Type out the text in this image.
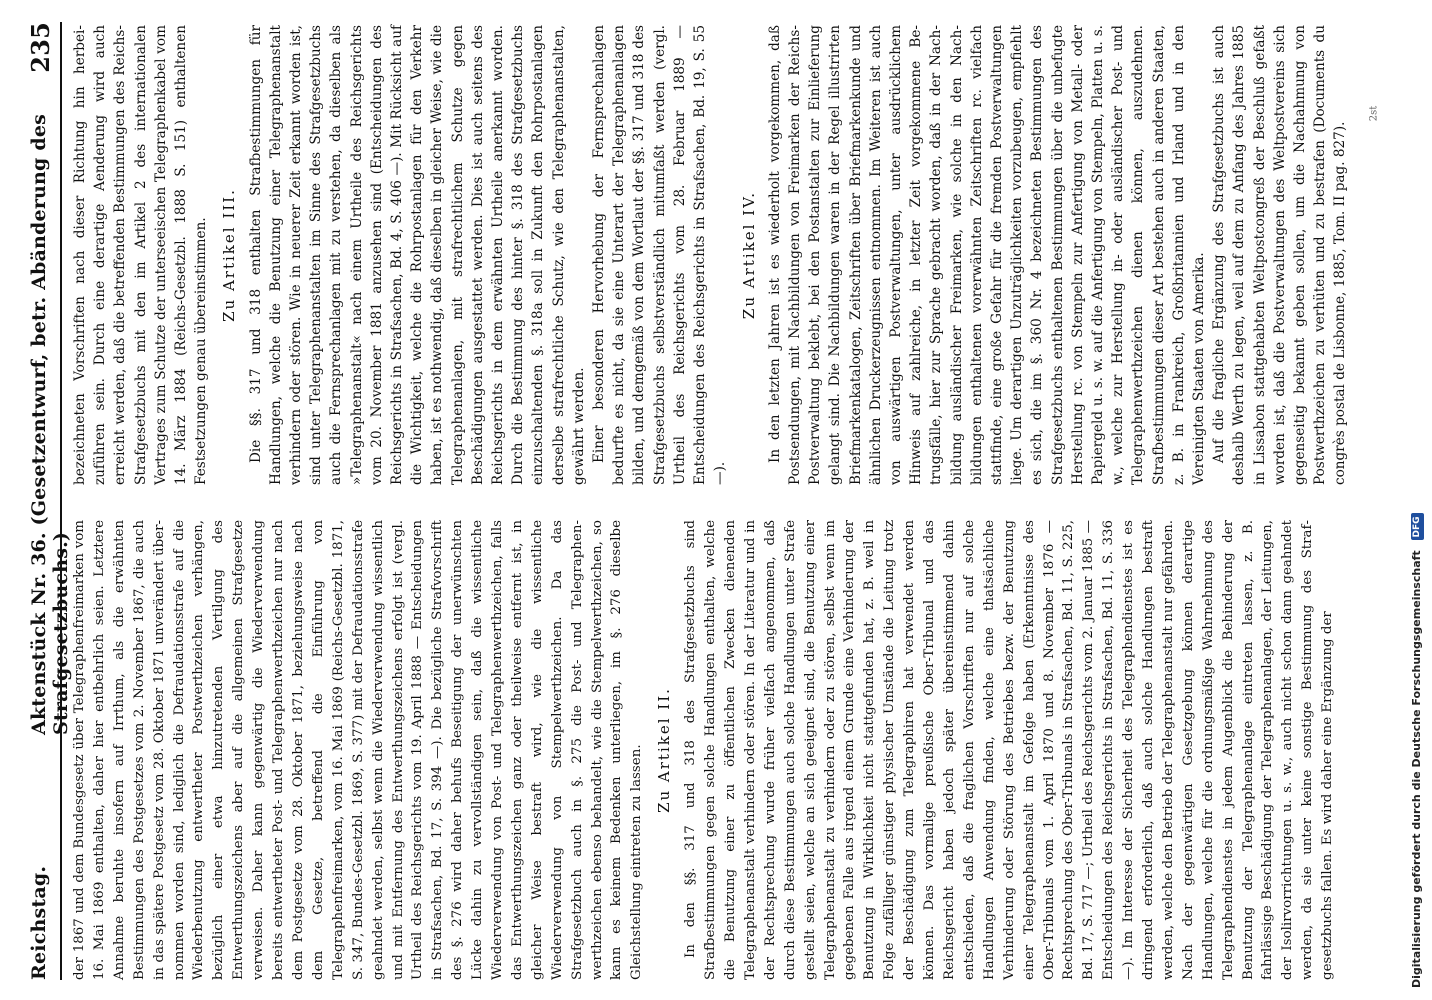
Reichstag.
Aktenstück Nr. 36. (Gesetzentwurf, betr. Abänderung des Strafgesetzbuchs.)
235

der 1867 und dem Bundesgesetz über Telegraphenfreimarken vom 16. Mai 1869 enthalten, daher hier entbehrlich seien. Letztere Annahme beruhte insofern auf Irrthum, als die erwähnten Bestimmungen des Postgesetzes vom 2. November 1867, die auch in das spätere Postgesetz vom 28. Oktober 1871 unverändert übernommen worden sind, lediglich die Defraudationsstrafe auf die Wiederbenutzung entwertheter Postwerthzeichen verhängen, bezüglich einer etwa hinzutretenden Vertilgung des Entwerthungszeichens aber auf die allgemeinen Strafgesetze verweisen. Daher kann gegenwärtig die Wiederverwendung bereits entwertheter Post- und Telegraphenwerthzeichen nur nach dem Postgesetze vom 28. Oktober 1871, beziehungsweise nach dem Gesetze, betreffend die Einführung von Telegraphenfreimarken, vom 16. Mai 1869 (Reichs-Gesetzbl. 1871, S. 347, Bundes-Gesetzbl. 1869, S. 377) mit der Defraudationsstrafe geahndet werden, selbst wenn die Wiederverwendung wissentlich und mit Entfernung des Entwerthungszeichens erfolgt ist (vergl. Urtheil des Reichsgerichts vom 19. April 1888 — Entscheidungen in Strafsachen, Bd. 17, S. 394 —). Die bezügliche Strafvorschrift des §. 276 wird daher behufs Beseitigung der unerwünschten Lücke dahin zu vervollständigen sein, daß die wissentliche Wiederverwendung von Post- und Telegraphenwerthzeichen, falls das Entwerthungszeichen ganz oder theilweise entfernt ist, in gleicher Weise bestraft wird, wie die wissentliche Wiederverwendung von Stempelwerthzeichen. Da das Strafgesetzbuch auch in §. 275 die Post- und Telegraphenwerthzeichen ebenso behandelt, wie die Stempelwerthzeichen, so kann es keinem Bedenken unterliegen, im §. 276 dieselbe Gleichstellung eintreten zu lassen. Zu Artikel II. In den §§. 317 und 318 des Strafgesetzbuchs sind Strafbestimmungen gegen solche Handlungen enthalten, welche die Benutzung einer zu öffentlichen Zwecken dienenden Telegraphenanstalt verhindern oder stören. In der Literatur und in der Rechtsprechung wurde früher vielfach angenommen, daß durch diese Bestimmungen auch solche Handlungen unter Strafe gestellt seien, welche an sich geeignet sind, die Benutzung einer Telegraphenanstalt zu verhindern oder zu stören, selbst wenn im gegebenen Falle aus irgend einem Grunde eine Verhinderung der Benutzung in Wirklichkeit nicht stattgefunden hat, z. B. weil in Folge zufälliger günstiger physischer Umstände die Leitung trotz der Beschädigung zum Telegraphiren hat verwendet werden können. Das vormalige preußische Ober-Tribunal und das Reichsgericht haben jedoch später übereinstimmend dahin entschieden, daß die fraglichen Vorschriften nur auf solche Handlungen Anwendung finden, welche eine thatsächliche Verhinderung oder Störung des Betriebes bezw. der Benutzung einer Telegraphenanstalt im Gefolge haben (Erkenntnisse des Ober-Tribunals vom 1. April 1870 und 8. November 1876 — Rechtsprechung des Ober-Tribunals in Strafsachen, Bd. 11, S. 225, Bd. 17, S. 717 —; Urtheil des Reichsgerichts vom 2. Januar 1885 — Entscheidungen des Reichsgerichts in Strafsachen, Bd. 11, S. 336 —). Im Interesse der Sicherheit des Telegraphendienstes ist es dringend erforderlich, daß auch solche Handlungen bestraft werden, welche den Betrieb der Telegraphenanstalt nur gefährden. Nach der gegenwärtigen Gesetzgebung können derartige Handlungen, welche für die ordnungsmäßige Wahrnehmung des Telegraphendienstes in jedem Augenblick die Behinderung der Benutzung der Telegraphenanlage eintreten lassen, z. B. fahrlässige Beschädigung der Telegraphenanlagen, der Leitungen, der Isolirvorrichtungen u. s. w., auch nicht schon dann geahndet werden, da sie unter keine sonstige Bestimmung des Strafgesetzbuchs fallen. Es wird daher eine Ergänzung der

bezeichneten Vorschriften nach dieser Richtung hin herbeizuführen sein. Durch eine derartige Aenderung wird auch erreicht werden, daß die betreffenden Bestimmungen des Reichs-Strafgesetzbuchs mit den im Artikel 2 des internationalen Vertrages zum Schutze der unterseeischen Telegraphenkabel vom 14. März 1884 (Reichs-Gesetzbl. 1888 S. 151) enthaltenen Festsetzungen genau übereinstimmen. Zu Artikel III. Die §§. 317 und 318 enthalten Strafbestimmungen für Handlungen, welche die Benutzung einer Telegraphenanstalt verhindern oder stören. Wie in neuerer Zeit erkannt worden ist, sind unter Telegraphenanstalten im Sinne des Strafgesetzbuchs auch die Fernsprechanlagen mit zu verstehen, da dieselben als »Telegraphenanstalt« nach einem Urtheile des Reichsgerichts vom 20. November 1881 anzusehen sind (Entscheidungen des Reichsgerichts in Strafsachen, Bd. 4, S. 406 —). Mit Rücksicht auf die Wichtigkeit, welche die Rohrpostanlagen für den Verkehr haben, ist es nothwendig, daß dieselben in gleicher Weise, wie die Telegraphenanlagen, mit strafrechtlichem Schutze gegen Beschädigungen ausgestattet werden. Dies ist auch seitens des Reichsgerichts in dem erwähnten Urtheile anerkannt worden. Durch die Bestimmung des hinter §. 318 des Strafgesetzbuchs einzuschaltenden §. 318a soll in Zukunft den Rohrpostanlagen derselbe strafrechtliche Schutz, wie den Telegraphenanstalten, gewährt werden. Einer besonderen Hervorhebung der Fernsprechanlagen bedurfte es nicht, da sie eine Unterart der Telegraphenanlagen bilden, und demgemäß von dem Wortlaut der §§. 317 und 318 des Strafgesetzbuchs selbstverständlich mitumfaßt werden (vergl. Urtheil des Reichsgerichts vom 28. Februar 1889 — Entscheidungen des Reichsgerichts in Strafsachen, Bd. 19, S. 55 —).

Zu Artikel IV. In den letzten Jahren ist es wiederholt vorgekommen, daß Postsendungen, mit Nachbildungen von Freimarken der Reichs-Postverwaltung beklebt, bei den Postanstalten zur Einlieferung gelangt sind. Die Nachbildungen waren in der Regel illustrirten Briefmarkenkatalogen, Zeitschriften über Briefmarkenkunde und ähnlichen Druckerzeugnissen entnommen. Im Weiteren ist auch von auswärtigen Postverwaltungen, unter ausdrücklichem Hinweis auf zahlreiche, in letzter Zeit vorgekommene Betrugsfälle, hier zur Sprache gebracht worden, daß in der Nachbildung ausländischer Freimarken, wie solche in den Nachbildungen enthaltenen vorerwähnten Zeitschriften rc. vielfach stattfinde, eine große Gefahr für die fremden Postverwaltungen liege. Um derartigen Unzuträglichkeiten vorzubeugen, empfiehlt es sich, die im §. 360 Nr. 4 bezeichneten Bestimmungen des Strafgesetzbuchs enthaltenen Bestimmungen über die unbefugte Herstellung rc. von Stempeln zur Anfertigung von Metall- oder Papiergeld u. s. w. auf die Anfertigung von Stempeln, Platten u. s. w., welche zur Herstellung in- oder ausländischer Post- und Telegraphenwerthzeichen dienen können, auszudehnen. Strafbestimmungen dieser Art bestehen auch in anderen Staaten, z. B. in Frankreich, Großbritannien und Irland und in den Vereinigten Staaten von Amerika. Auf die fragliche Ergänzung des Strafgesetzbuchs ist auch deshalb Werth zu legen, weil auf dem zu Anfang des Jahres 1885 in Lissabon stattgehabten Weltpostcongreß der Beschluß gefaßt worden ist, daß die Postverwaltungen des Weltpostvereins sich gegenseitig bekannt geben sollen, um die Nachahmung von Postwerthzeichen zu verhüten und zu bestrafen (Documents du congrès postal de Lisbonne, 1885, Tom. II pag. 827).

2st
Digitalisierung gefördert durch die Deutsche Forschungsgemeinschaft DFG
